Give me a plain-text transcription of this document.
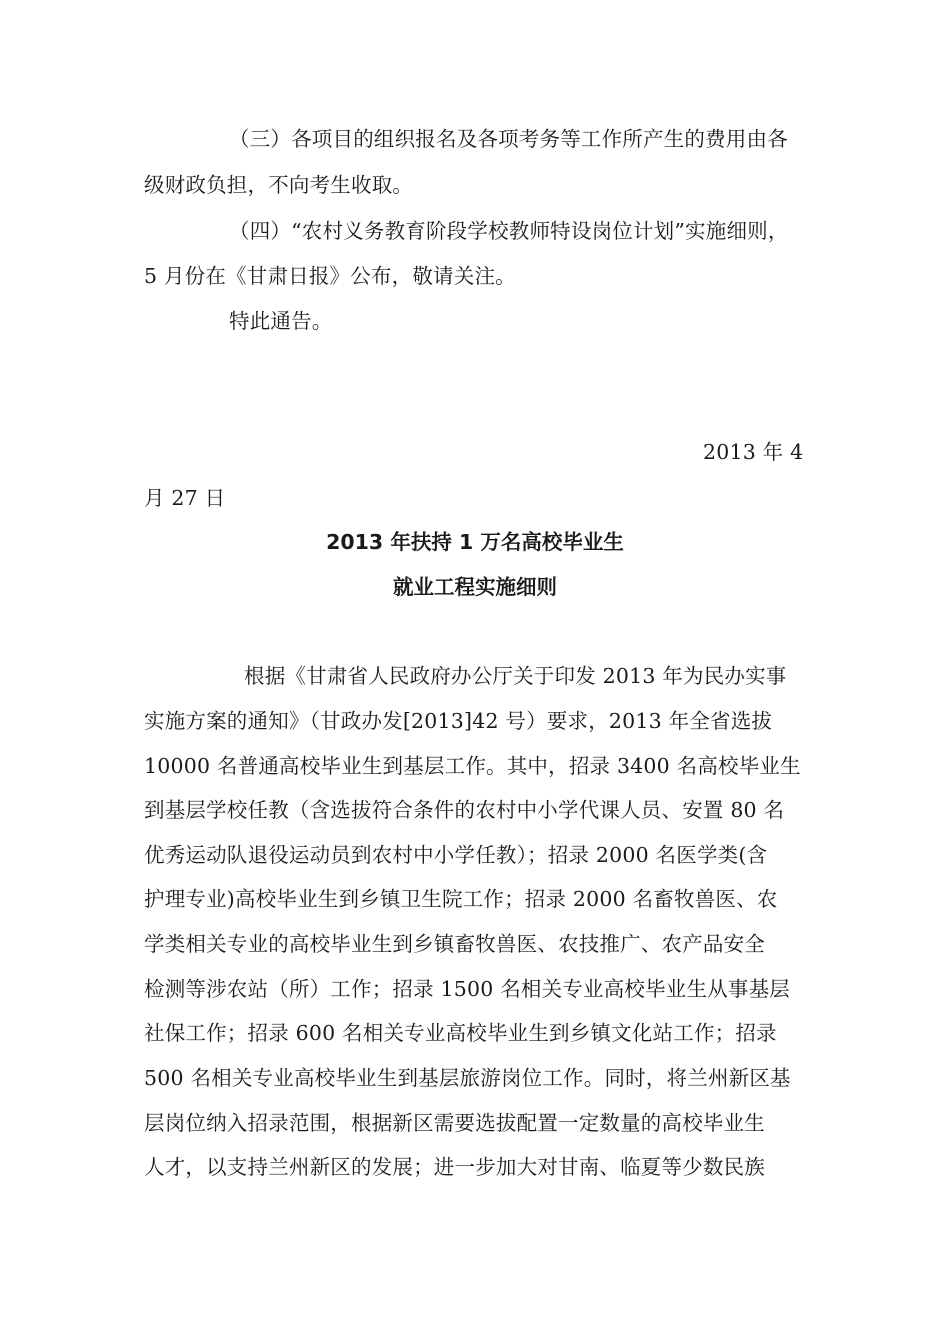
（三）各项目的组织报名及各项考务等工作所产生的费用由各
级财政负担，不向考生收取。
（四）“农村义务教育阶段学校教师特设岗位计划”实施细则，
5 月份在《甘肃日报》公布，敬请关注。
特此通告。
2013 年 4
月 27 日
2013 年扶持 1 万名高校毕业生
就业工程实施细则
根据《甘肃省人民政府办公厅关于印发 2013 年为民办实事
实施方案的通知》（甘政办发[2013]42 号）要求，2013 年全省选拔
10000 名普通高校毕业生到基层工作。其中，招录 3400 名高校毕业生
到基层学校任教（含选拔符合条件的农村中小学代课人员、安置 80 名
优秀运动队退役运动员到农村中小学任教）；招录 2000 名医学类(含
护理专业)高校毕业生到乡镇卫生院工作；招录 2000 名畜牧兽医、农
学类相关专业的高校毕业生到乡镇畜牧兽医、农技推广、农产品安全
检测等涉农站（所）工作；招录 1500 名相关专业高校毕业生从事基层
社保工作；招录 600 名相关专业高校毕业生到乡镇文化站工作；招录
500 名相关专业高校毕业生到基层旅游岗位工作。同时，将兰州新区基
层岗位纳入招录范围，根据新区需要选拔配置一定数量的高校毕业生
人才，以支持兰州新区的发展；进一步加大对甘南、临夏等少数民族
